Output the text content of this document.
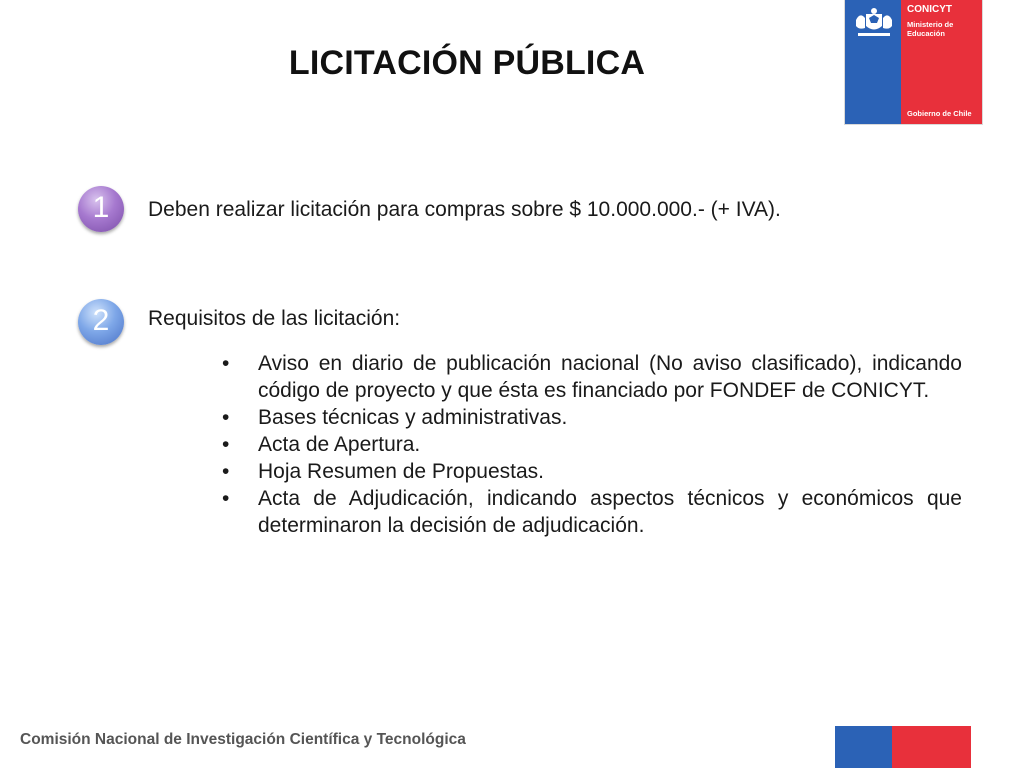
LICITACIÓN PÚBLICA
CONICYT
Ministerio de
Educación
Gobierno de Chile
1	Deben realizar licitación para compras sobre $ 10.000.000.- (+ IVA).
2	Requisitos de las licitación:
•	Aviso en diario de publicación nacional (No aviso clasificado), indicando código de proyecto y que ésta es financiado por FONDEF de CONICYT.
•	Bases técnicas y administrativas.
•	Acta de Apertura.
•	Hoja Resumen de Propuestas.
•	Acta de Adjudicación, indicando aspectos técnicos y económicos que determinaron la decisión de adjudicación.
Comisión Nacional de Investigación Científica y Tecnológica
